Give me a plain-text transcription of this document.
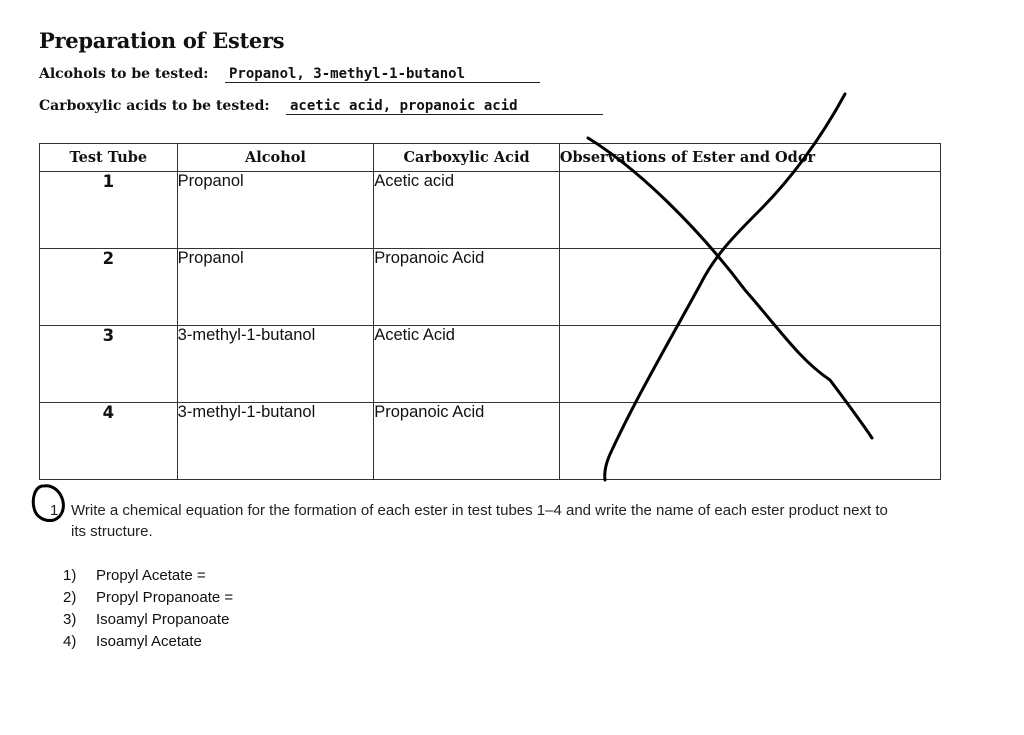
Preparation of Esters
Alcohols to be tested: Propanol, 3-methyl-1-butanol
Carboxylic acids to be tested: acetic acid, propanoic acid
Test Tube	Alcohol	Carboxylic Acid	Observations of Ester and Odor
1	Propanol	Acetic acid	
2	Propanol	Propanoic Acid	
3	3-methyl-1-butanol	Acetic Acid	
4	3-methyl-1-butanol	Propanoic Acid	
1. Write a chemical equation for the formation of each ester in test tubes 1–4 and write the name of each ester product next to its structure.
1) Propyl Acetate =
2) Propyl Propanoate =
3) Isoamyl Propanoate
4) Isoamyl Acetate
